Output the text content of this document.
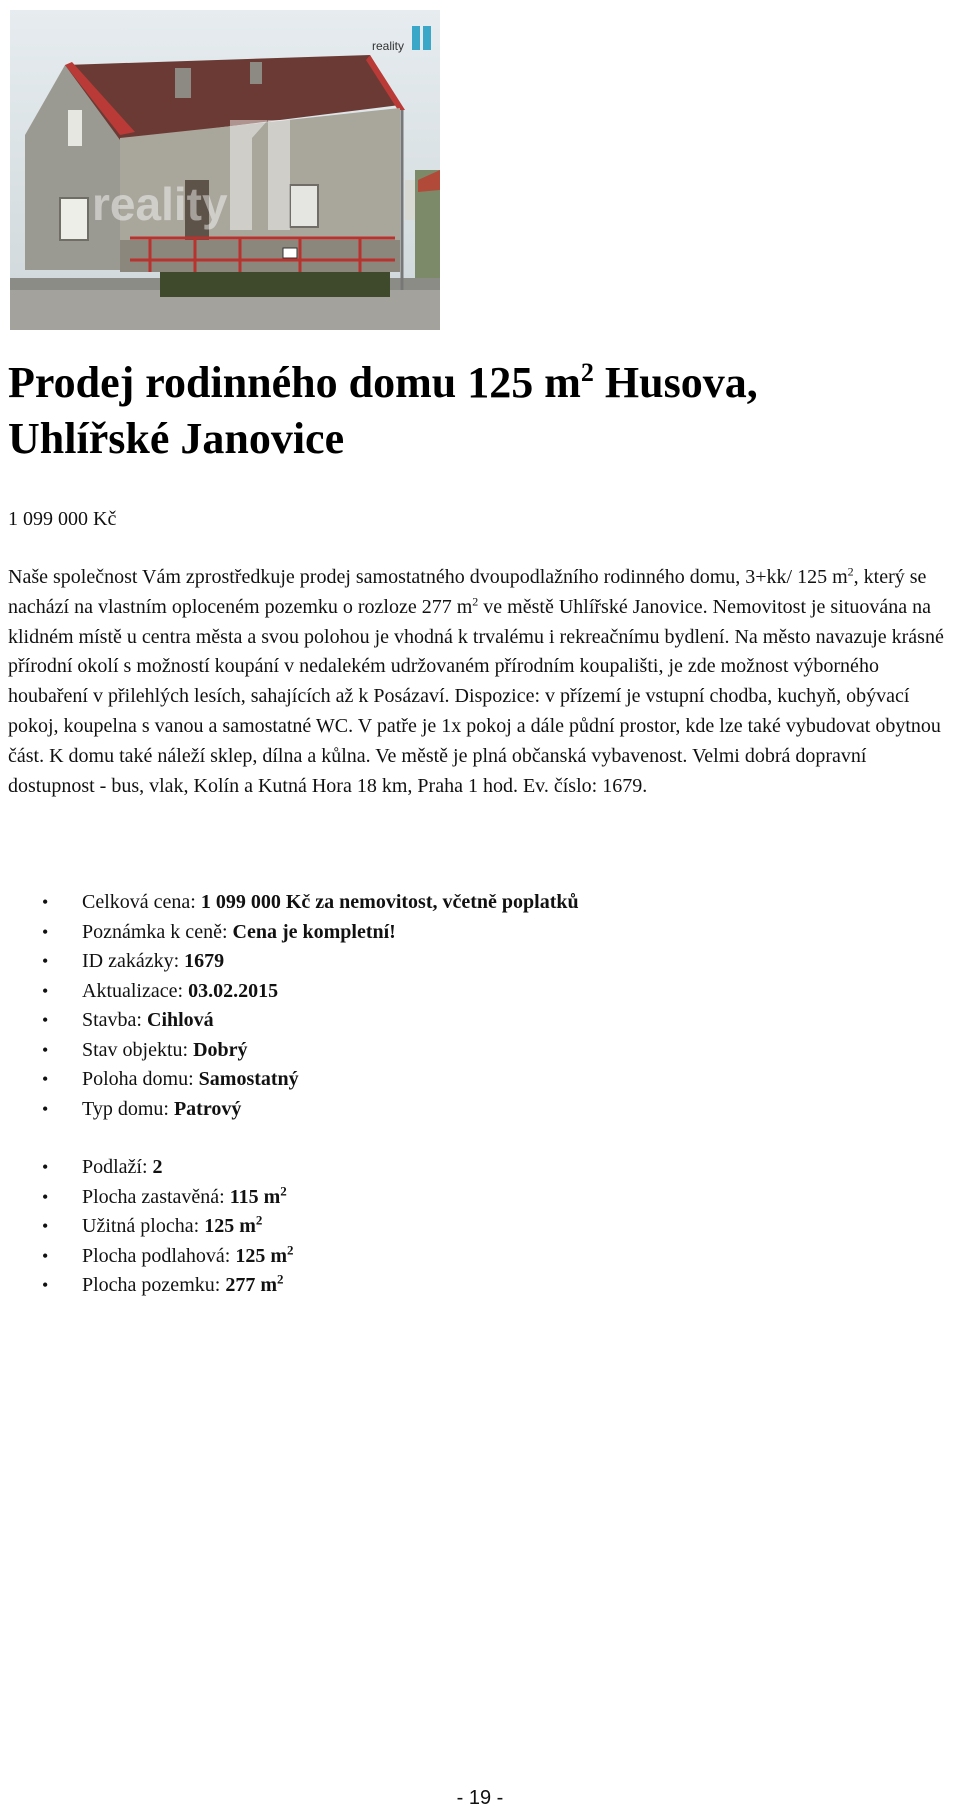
reality
reality
Prodej rodinného domu 125 $m^2$ Husova,
Uhlířské Janovice
1 099 000 Kč

Naše společnost Vám zprostředkuje prodej samostatného dvoupodlažního rodinného domu, 3+kk/ 125 $m^2$, který se nachází na vlastním oploceném pozemku o rozloze 277 $m^2$ ve městě Uhlířské Janovice. Nemovitost je situována na klidném místě u centra města a svou polohou je vhodná k trvalému i rekreačnímu bydlení. Na město navazuje krásné přírodní okolí s možností koupání v nedalekém udržovaném přírodním koupališti, je zde možnost výborného houbaření v přilehlých lesích, sahajících až k Posázaví. Dispozice: v přízemí je vstupní chodba, kuchyň, obývací pokoj, koupelna s vanou a samostatné WC. V patře je 1x pokoj a dále půdní prostor, kde lze také vybudovat obytnou část. K domu také náleží sklep, dílna a kůlna. Ve městě je plná občanská vybavenost. Velmi dobrá dopravní dostupnost - bus, vlak, Kolín a Kutná Hora 18 km, Praha 1 hod. Ev. číslo: 1679.

• Celková cena: 1 099 000 Kč za nemovitost, včetně poplatků
• Poznámka k ceně: Cena je kompletní!
• ID zakázky: 1679
• Aktualizace: 03.02.2015
• Stavba: Cihlová
• Stav objektu: Dobrý
• Poloha domu: Samostatný
• Typ domu: Patrový
• Podlaží: 2
• Plocha zastavěná: 115 $m^2$
• Užitná plocha: 125 $m^2$
• Plocha podlahová: 125 $m^2$
• Plocha pozemku: 277 $m^2$
- 19 -
